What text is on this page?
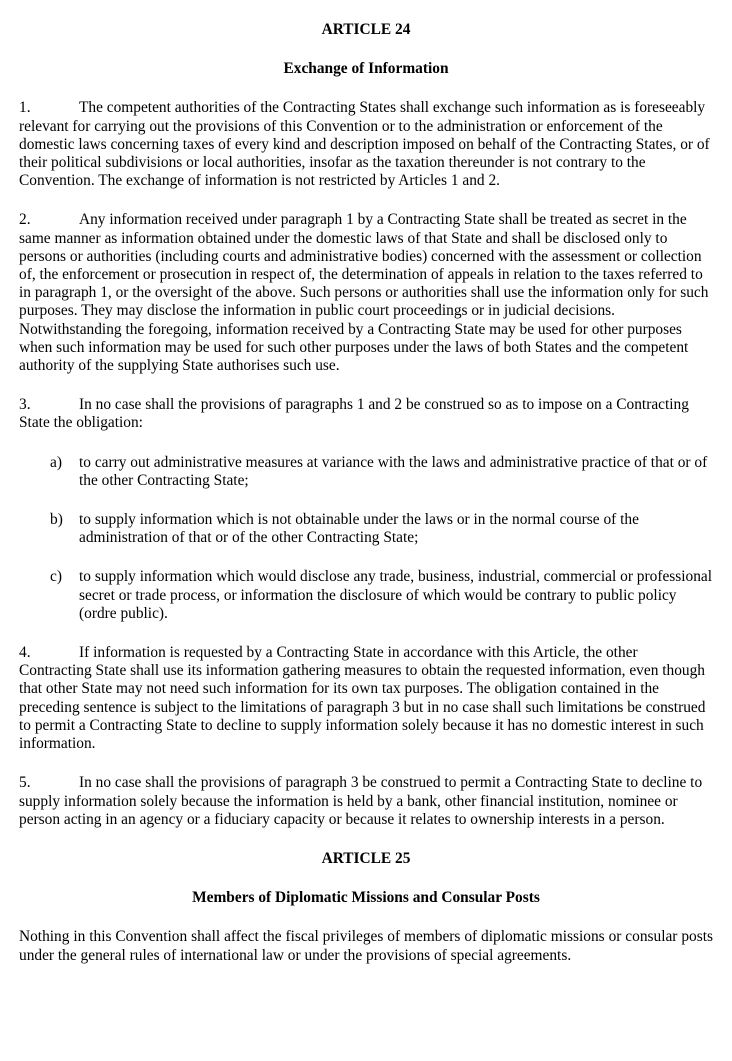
ARTICLE 24

Exchange of Information

1.	The competent authorities of the Contracting States shall exchange such information as is foreseeably relevant for carrying out the provisions of this Convention or to the administration or enforcement of the domestic laws concerning taxes of every kind and description imposed on behalf of the Contracting States, or of their political subdivisions or local authorities, insofar as the taxation thereunder is not contrary to the Convention. The exchange of information is not restricted by Articles 1 and 2.

2.	Any information received under paragraph 1 by a Contracting State shall be treated as secret in the same manner as information obtained under the domestic laws of that State and shall be disclosed only to persons or authorities (including courts and administrative bodies) concerned with the assessment or collection of, the enforcement or prosecution in respect of, the determination of appeals in relation to the taxes referred to in paragraph 1, or the oversight of the above. Such persons or authorities shall use the information only for such purposes. They may disclose the information in public court proceedings or in judicial decisions. Notwithstanding the foregoing, information received by a Contracting State may be used for other purposes when such information may be used for such other purposes under the laws of both States and the competent authority of the supplying State authorises such use.

3.	In no case shall the provisions of paragraphs 1 and 2 be construed so as to impose on a Contracting State the obligation:

a) to carry out administrative measures at variance with the laws and administrative practice of that or of the other Contracting State;

b) to supply information which is not obtainable under the laws or in the normal course of the administration of that or of the other Contracting State;

c) to supply information which would disclose any trade, business, industrial, commercial or professional secret or trade process, or information the disclosure of which would be contrary to public policy (ordre public).

4.	If information is requested by a Contracting State in accordance with this Article, the other Contracting State shall use its information gathering measures to obtain the requested information, even though that other State may not need such information for its own tax purposes. The obligation contained in the preceding sentence is subject to the limitations of paragraph 3 but in no case shall such limitations be construed to permit a Contracting State to decline to supply information solely because it has no domestic interest in such information.

5.	In no case shall the provisions of paragraph 3 be construed to permit a Contracting State to decline to supply information solely because the information is held by a bank, other financial institution, nominee or person acting in an agency or a fiduciary capacity or because it relates to ownership interests in a person.

ARTICLE 25

Members of Diplomatic Missions and Consular Posts

Nothing in this Convention shall affect the fiscal privileges of members of diplomatic missions or consular posts under the general rules of international law or under the provisions of special agreements.
